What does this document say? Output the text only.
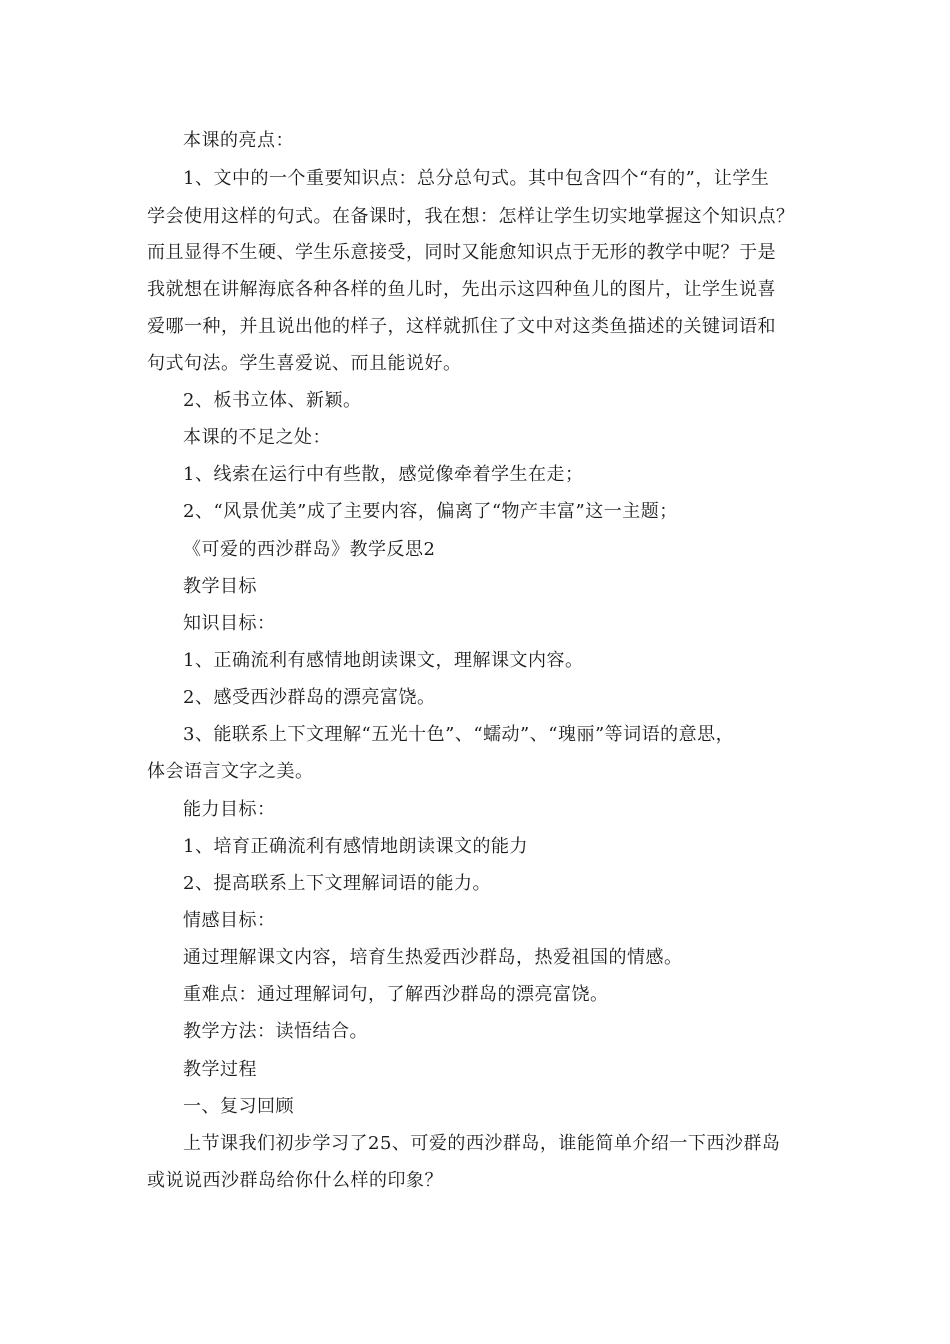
本课的亮点：
1、文中的一个重要知识点：总分总句式。其中包含四个“有的”，让学生
学会使用这样的句式。在备课时，我在想：怎样让学生切实地掌握这个知识点？
而且显得不生硬、学生乐意接受，同时又能愈知识点于无形的教学中呢？于是
我就想在讲解海底各种各样的鱼儿时，先出示这四种鱼儿的图片，让学生说喜
爱哪一种，并且说出他的样子，这样就抓住了文中对这类鱼描述的关键词语和
句式句法。学生喜爱说、而且能说好。
2、板书立体、新颖。
本课的不足之处：
1、线索在运行中有些散，感觉像牵着学生在走；
2、“风景优美”成了主要内容，偏离了“物产丰富”这一主题；
《可爱的西沙群岛》教学反思2
教学目标
知识目标：
1、正确流利有感情地朗读课文，理解课文内容。
2、感受西沙群岛的漂亮富饶。
3、能联系上下文理解“五光十色”、“蠕动”、“瑰丽”等词语的意思，
体会语言文字之美。
能力目标：
1、培育正确流利有感情地朗读课文的能力
2、提高联系上下文理解词语的能力。
情感目标：
通过理解课文内容，培育生热爱西沙群岛，热爱祖国的情感。
重难点：通过理解词句，了解西沙群岛的漂亮富饶。
教学方法：读悟结合。
教学过程
一、复习回顾
上节课我们初步学习了25、可爱的西沙群岛，谁能简单介绍一下西沙群岛
或说说西沙群岛给你什么样的印象？
